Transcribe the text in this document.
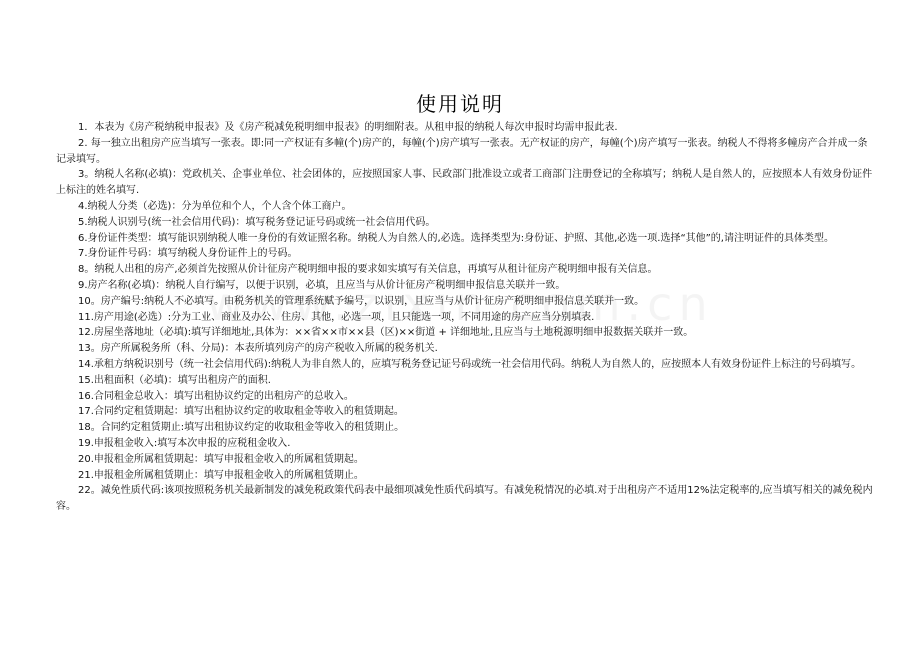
使用说明

1．本表为《房产税纳税申报表》及《房产税减免税明细申报表》的明细附表。从租申报的纳税人每次申报时均需申报此表.

2. 每一独立出租房产应当填写一张表。即:同一产权证有多幢(个)房产的，每幢(个)房产填写一张表。无产权证的房产，每幢(个)房产填写一张表。纳税人不得将多幢房产合并成一条记录填写。

3。纳税人名称(必填)：党政机关、企事业单位、社会团体的，应按照国家人事、民政部门批准设立或者工商部门注册登记的全称填写；纳税人是自然人的，应按照本人有效身份证件上标注的姓名填写.

4.纳税人分类（必选)：分为单位和个人，个人含个体工商户。

5.纳税人识别号(统一社会信用代码)：填写税务登记证号码或统一社会信用代码。

6.身份证件类型：填写能识别纳税人唯一身份的有效证照名称。纳税人为自然人的,必选。选择类型为:身份证、护照、其他,必选一项.选择“其他”的,请注明证件的具体类型。

7.身份证件号码：填写纳税人身份证件上的号码。

8。纳税人出租的房产,必须首先按照从价计征房产税明细申报的要求如实填写有关信息，再填写从租计征房产税明细申报有关信息。

9.房产名称(必填)：纳税人自行编写，以便于识别，必填，且应当与从价计征房产税明细申报信息关联并一致。

10。房产编号:纳税人不必填写。由税务机关的管理系统赋予编号，以识别，且应当与从价计征房产税明细申报信息关联并一致。

11.房产用途(必选）:分为工业、商业及办公、住房、其他，必选一项，且只能选一项，不同用途的房产应当分别填表.

12.房屋坐落地址（必填):填写详细地址,具体为：××省××市××县（区)××街道 + 详细地址,且应当与土地税源明细申报数据关联并一致。

13。房产所属税务所（科、分局)：本表所填列房产的房产税收入所属的税务机关.

14.承租方纳税识别号（统一社会信用代码):纳税人为非自然人的，应填写税务登记证号码或统一社会信用代码。纳税人为自然人的，应按照本人有效身份证件上标注的号码填写。

15.出租面积（必填)：填写出租房产的面积.

16.合同租金总收入：填写出租协议约定的出租房产的总收入。

17.合同约定租赁期起：填写出租协议约定的收取租金等收入的租赁期起。

18。合同约定租赁期止:填写出租协议约定的收取租金等收入的租赁期止。

19.申报租金收入:填写本次申报的应税租金收入.

20.申报租金所属租赁期起：填写申报租金收入的所属租赁期起。

21.申报租金所属租赁期止：填写申报租金收入的所属租赁期止。

22。减免性质代码:该项按照税务机关最新制发的减免税政策代码表中最细项减免性质代码填写。有减免税情况的必填.对于出租房产不适用12%法定税率的,应当填写相关的减免税内容。
